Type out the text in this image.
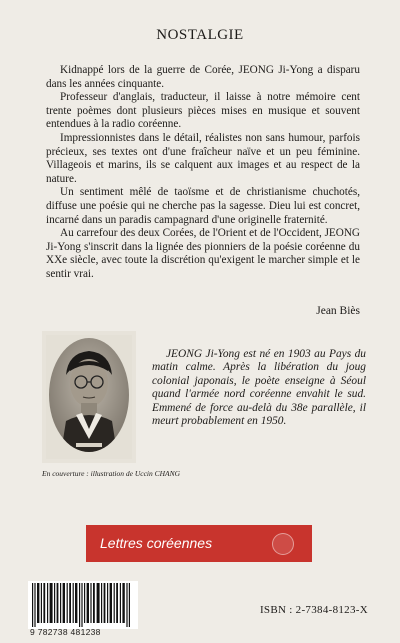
NOSTALGIE

Kidnappé lors de la guerre de Corée, JEONG Ji-Yong a disparu dans les années cinquante.

Professeur d'anglais, traducteur, il laisse à notre mémoire cent trente poèmes dont plusieurs pièces mises en musique et souvent entendues à la radio coréenne.

Impressionnistes dans le détail, réalistes non sans humour, parfois précieux, ses textes ont d'une fraîcheur naïve et un peu féminine. Villageois et marins, ils se calquent aux images et au respect de la nature.

Un sentiment mêlé de taoïsme et de christianisme chuchotés, diffuse une poésie qui ne cherche pas la sagesse. Dieu lui est concret, incarné dans un paradis campagnard d'une originelle fraternité.

Au carrefour des deux Corées, de l'Orient et de l'Occident, JEONG Ji-Yong s'inscrit dans la lignée des pionniers de la poésie coréenne du XXe siècle, avec toute la discrétion qu'exigent le marcher simple et le sentir vrai.

Jean Biès

JEONG Ji-Yong est né en 1903 au Pays du matin calme. Après la libération du joug colonial japonais, le poète enseigne à Séoul quand l'armée nord coréenne envahit le sud. Emmené de force au-delà du 38e parallèle, il meurt probablement en 1950.

En couverture : illustration de Uccin CHANG
Lettres coréennes
9 782738 481238
ISBN : 2-7384-8123-X
